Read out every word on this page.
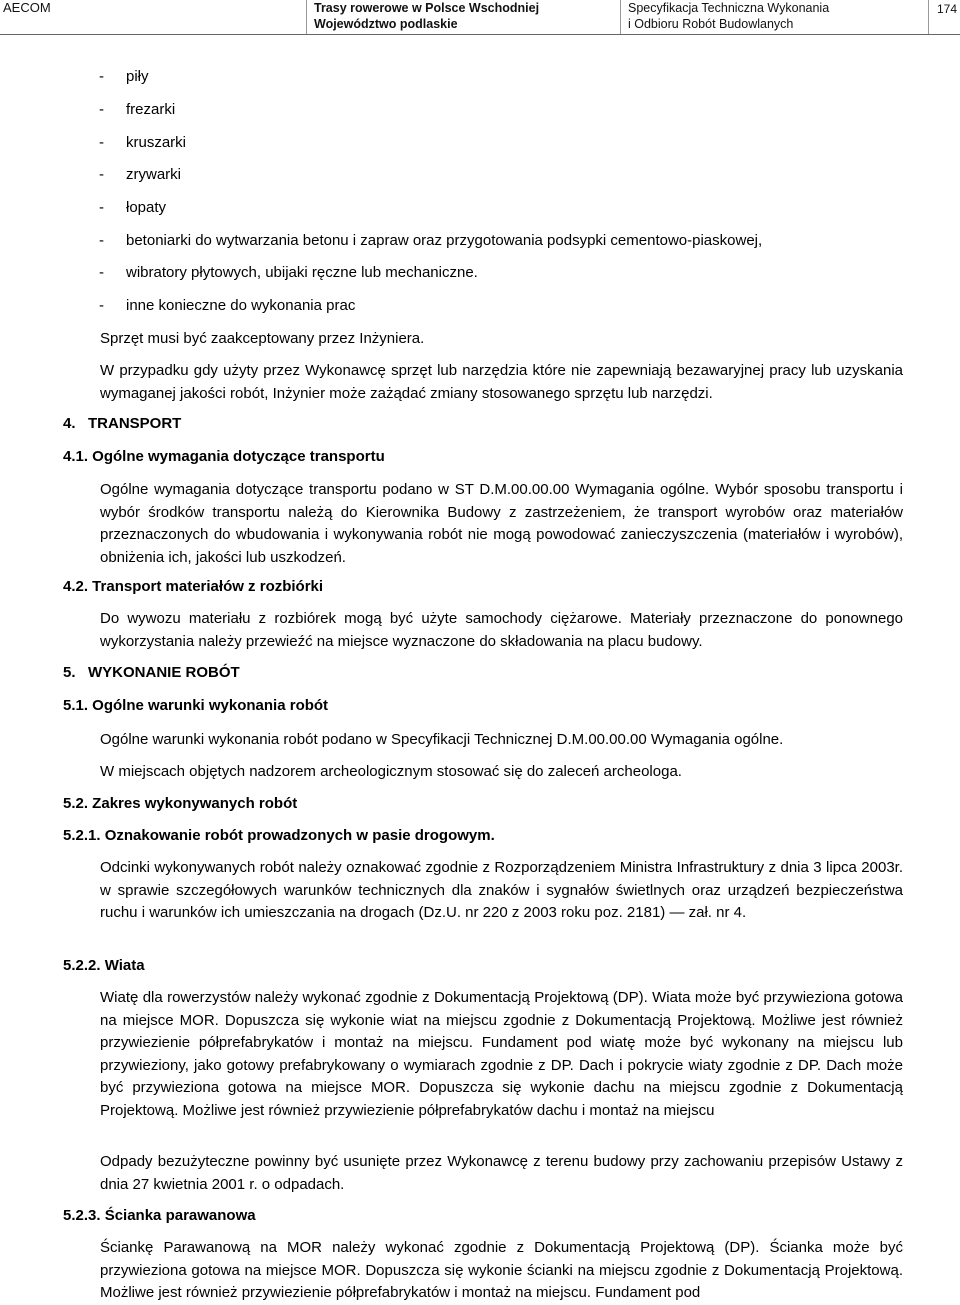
AECOM	Trasy rowerowe w Polsce Wschodniej
Województwo podlaskie
Specyfikacja Techniczna Wykonania
i Odbioru Robót Budowlanych
174
- piły
- frezarki
- kruszarki
- zrywarki
- łopaty
- betoniarki do wytwarzania betonu i zapraw oraz przygotowania podsypki cementowo-piaskowej,
- wibratory płytowych, ubijaki ręczne lub mechaniczne.
- inne konieczne do wykonania prac
Sprzęt musi być zaakceptowany przez Inżyniera.
W przypadku gdy użyty przez Wykonawcę sprzęt lub narzędzia które nie zapewniają bezawaryjnej pracy lub uzyskania wymaganej jakości robót, Inżynier może zażądać zmiany stosowanego sprzętu lub narzędzi.
4.   TRANSPORT
4.1. Ogólne wymagania dotyczące transportu
Ogólne wymagania dotyczące transportu podano w ST D.M.00.00.00 Wymagania ogólne. Wybór sposobu transportu i wybór środków transportu należą do Kierownika Budowy z zastrzeżeniem, że transport wyrobów oraz materiałów przeznaczonych do wbudowania i wykonywania robót nie mogą powodować zanieczyszczenia (materiałów i wyrobów), obniżenia ich, jakości lub uszkodzeń.
4.2. Transport materiałów z rozbiórki
Do wywozu materiału z rozbiórek mogą być użyte samochody ciężarowe. Materiały przeznaczone do ponownego wykorzystania należy przewieźć na miejsce wyznaczone do składowania na placu budowy.
5.   WYKONANIE ROBÓT
5.1. Ogólne warunki wykonania robót
Ogólne warunki wykonania robót podano w Specyfikacji Technicznej D.M.00.00.00 Wymagania ogólne.
W miejscach objętych nadzorem archeologicznym stosować się do zaleceń archeologa.
5.2. Zakres wykonywanych robót
5.2.1. Oznakowanie robót prowadzonych w pasie drogowym.
Odcinki wykonywanych robót należy oznakować zgodnie z Rozporządzeniem Ministra Infrastruktury z dnia 3 lipca 2003r. w sprawie szczegółowych warunków technicznych dla znaków i sygnałów świetlnych oraz urządzeń bezpieczeństwa ruchu i warunków ich umieszczania na drogach (Dz.U. nr 220 z 2003 roku poz. 2181) — zał. nr 4.
5.2.2. Wiata
Wiatę dla rowerzystów należy wykonać zgodnie z Dokumentacją Projektową (DP). Wiata może być przywieziona gotowa na miejsce MOR. Dopuszcza się wykonie wiat na miejscu zgodnie z Dokumentacją Projektową. Możliwe jest również przywiezienie półprefabrykatów i montaż na miejscu. Fundament pod wiatę może być wykonany na miejscu lub przywieziony, jako gotowy prefabrykowany o wymiarach zgodnie z DP. Dach i pokrycie wiaty zgodnie z DP. Dach może być przywieziona gotowa na miejsce MOR. Dopuszcza się wykonie dachu na miejscu zgodnie z Dokumentacją Projektową. Możliwe jest również przywiezienie półprefabrykatów dachu i montaż na miejscu
Odpady bezużyteczne powinny być usunięte przez Wykonawcę z terenu budowy przy zachowaniu przepisów Ustawy z dnia 27 kwietnia 2001 r. o odpadach.
5.2.3. Ścianka parawanowa
Ściankę Parawanową na MOR należy wykonać zgodnie z Dokumentacją Projektową (DP). Ścianka może być przywieziona gotowa na miejsce MOR. Dopuszcza się wykonie ścianki na miejscu zgodnie z Dokumentacją Projektową. Możliwe jest również przywiezienie półprefabrykatów i montaż na miejscu. Fundament pod
